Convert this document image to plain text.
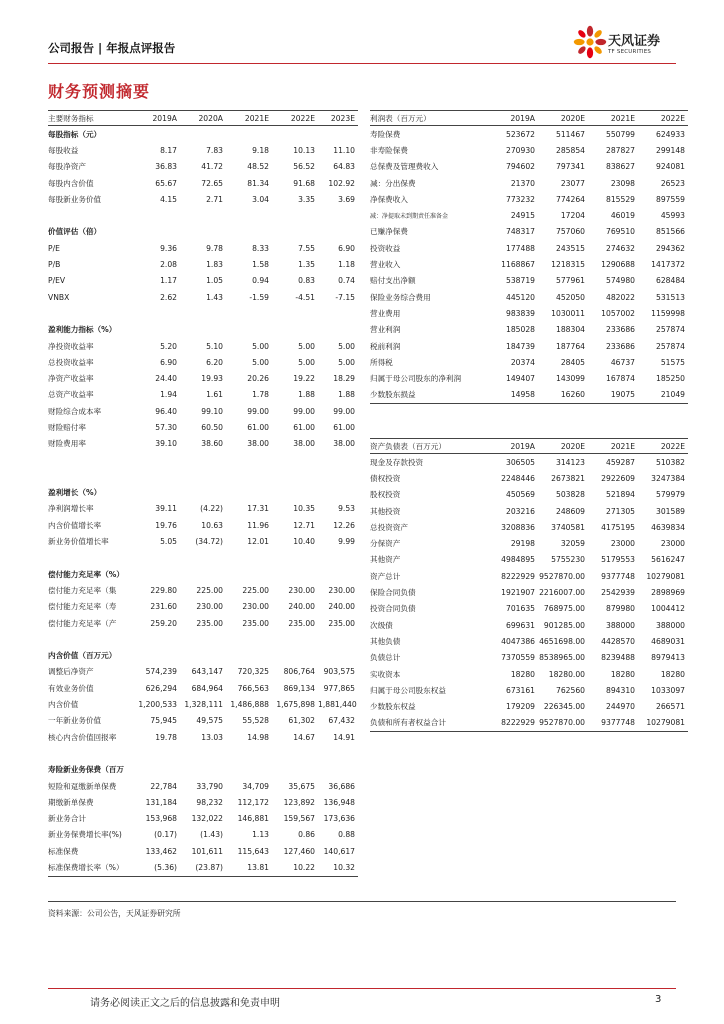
公司报告 | 年报点评报告	天风证券
TF SECURITIES
财务预测摘要
主要财务指标	2019A	2020A	2021E	2022E	2023E
每股指标（元）					
每股收益	8.17	7.83	9.18	10.13	11.10
每股净资产	36.83	41.72	48.52	56.52	64.83
每股内含价值	65.67	72.65	81.34	91.68	102.92
每股新业务价值	4.15	2.71	3.04	3.35	3.69

价值评估（倍）					
P/E	9.36	9.78	8.33	7.55	6.90
P/B	2.08	1.83	1.58	1.35	1.18
P/EV	1.17	1.05	0.94	0.83	0.74
VNBX	2.62	1.43	-1.59	-4.51	-7.15

盈利能力指标（%）					
净投资收益率	5.20	5.10	5.00	5.00	5.00
总投资收益率	6.90	6.20	5.00	5.00	5.00
净资产收益率	24.40	19.93	20.26	19.22	18.29
总资产收益率	1.94	1.61	1.78	1.88	1.88
财险综合成本率	96.40	99.10	99.00	99.00	99.00
财险赔付率	57.30	60.50	61.00	61.00	61.00
财险费用率	39.10	38.60	38.00	38.00	38.00

盈利增长（%）					
净利润增长率	39.11	(4.22)	17.31	10.35	9.53
内含价值增长率	19.76	10.63	11.96	12.71	12.26
新业务价值增长率	5.05	(34.72)	12.01	10.40	9.99

偿付能力充足率（%）					
偿付能力充足率（集	229.80	225.00	225.00	230.00	230.00
偿付能力充足率（寿	231.60	230.00	230.00	240.00	240.00
偿付能力充足率（产	259.20	235.00	235.00	235.00	235.00

内含价值（百万元）					
调整后净资产	574,239	643,147	720,325	806,764	903,575
有效业务价值	626,294	684,964	766,563	869,134	977,865
内含价值	1,200,533	1,328,111	1,486,888	1,675,898	1,881,440
一年新业务价值	75,945	49,575	55,528	61,302	67,432
核心内含价值回报率	19.78	13.03	14.98	14.67	14.91

寿险新业务保费（百万					
短险和趸缴新单保费	22,784	33,790	34,709	35,675	36,686
期缴新单保费	131,184	98,232	112,172	123,892	136,948
新业务合计	153,968	132,022	146,881	159,567	173,636
新业务保费增长率(%)	(0.17)	(1.43)	1.13	0.86	0.88
标准保费	133,462	101,611	115,643	127,460	140,617
标准保费增长率（%）	(5.36)	(23.87)	13.81	10.22	10.32
利润表（百万元）	2019A	2020E	2021E	2022E
寿险保费	523672	511467	550799	624933
非寿险保费	270930	285854	287827	299148
总保费及管理费收入	794602	797341	838627	924081
减：分出保费	21370	23077	23098	26523
净保费收入	773232	774264	815529	897559
减：净提取未到期责任准备金	24915	17204	46019	45993
已赚净保费	748317	757060	769510	851566
投资收益	177488	243515	274632	294362
营业收入	1168867	1218315	1290688	1417372
赔付支出净额	538719	577961	574980	628484
保险业务综合费用	445120	452050	482022	531513
营业费用	983839	1030011	1057002	1159998
营业利润	185028	188304	233686	257874
税前利润	184739	187764	233686	257874
所得税	20374	28405	46737	51575
归属于母公司股东的净利润	149407	143099	167874	185250
少数股东损益	14958	16260	19075	21049
资产负债表（百万元）	2019A	2020E	2021E	2022E
现金及存款投资	306505	314123	459287	510382
债权投资	2248446	2673821	2922609	3247384
股权投资	450569	503828	521894	579979
其他投资	203216	248609	271305	301589
总投资资产	3208836	3740581	4175195	4639834
分保资产	29198	32059	23000	23000
其他资产	4984895	5755230	5179553	5616247
资产总计	8222929	9527870.00	9377748	10279081
保险合同负债	1921907	2216007.00	2542939	2898969
投资合同负债	701635	768975.00	879980	1004412
次级债	699631	901285.00	388000	388000
其他负债	4047386	4651698.00	4428570	4689031
负债总计	7370559	8538965.00	8239488	8979413
实收资本	18280	18280.00	18280	18280
归属于母公司股东权益	673161	762560	894310	1033097
少数股东权益	179209	226345.00	244970	266571
负债和所有者权益合计	8222929	9527870.00	9377748	10279081
资料来源：公司公告，天风证券研究所
请务必阅读正文之后的信息披露和免责申明	3
